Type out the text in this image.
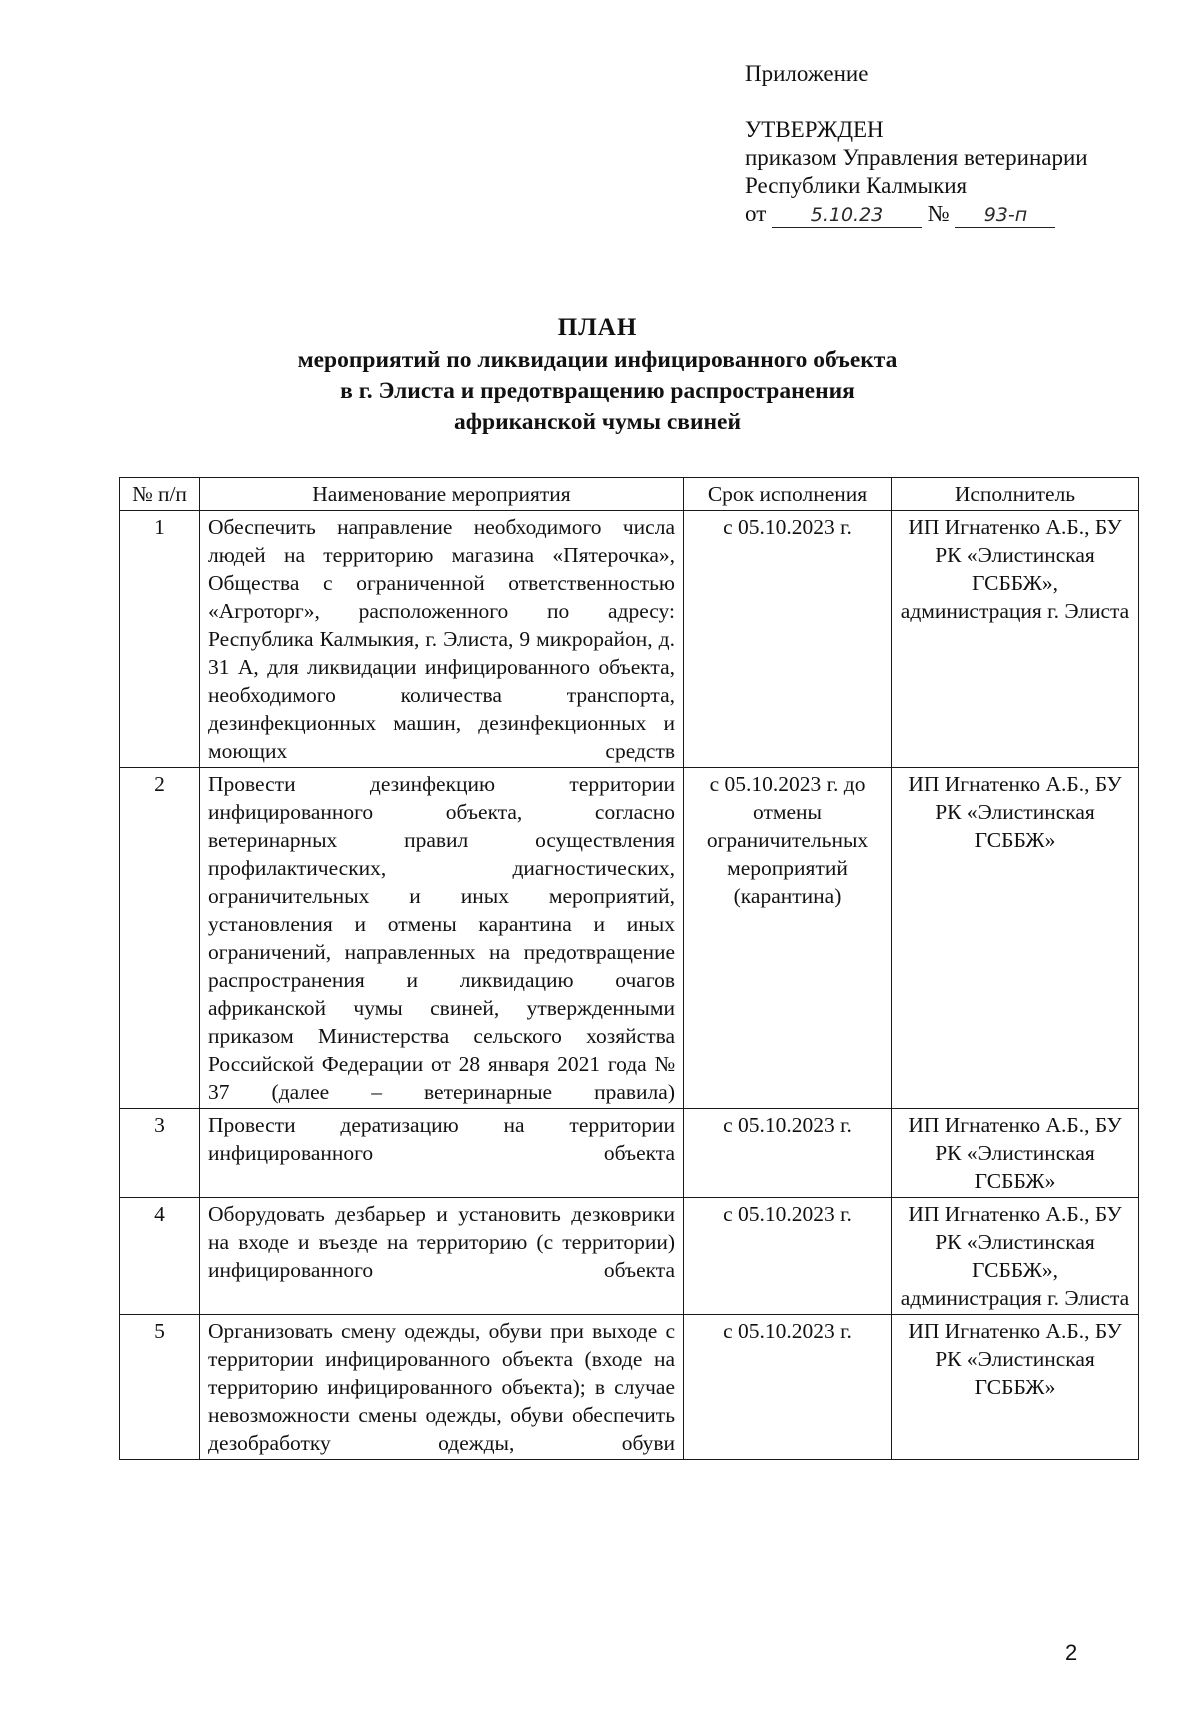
Приложение
УТВЕРЖДЕН
приказом Управления ветеринарии
Республики Калмыкия
от 5.10.23 № 93-п
ПЛАН
мероприятий по ликвидации инфицированного объекта
в г. Элиста и предотвращению распространения
африканской чумы свиней
№ п/п	Наименование мероприятия	Срок исполнения	Исполнитель
1	Обеспечить направление необходимого числа людей на территорию магазина «Пятерочка», Общества с ограниченной ответственностью «Агроторг», расположенного по адресу: Республика Калмыкия, г. Элиста, 9 микрорайон, д. 31 А, для ликвидации инфицированного объекта, необходимого количества транспорта, дезинфекционных машин, дезинфекционных и моющих средств	с 05.10.2023 г.	ИП Игнатенко А.Б., БУ РК «Элистинская ГСББЖ», администрация г. Элиста
2	Провести дезинфекцию территории инфицированного объекта, согласно ветеринарных правил осуществления профилактических, диагностических, ограничительных и иных мероприятий, установления и отмены карантина и иных ограничений, направленных на предотвращение распространения и ликвидацию очагов африканской чумы свиней, утвержденными приказом Министерства сельского хозяйства Российской Федерации от 28 января 2021 года № 37 (далее – ветеринарные правила)	с 05.10.2023 г. до отмены ограничительных мероприятий (карантина)	ИП Игнатенко А.Б., БУ РК «Элистинская ГСББЖ»
3	Провести дератизацию на территории инфицированного объекта	с 05.10.2023 г.	ИП Игнатенко А.Б., БУ РК «Элистинская ГСББЖ»
4	Оборудовать дезбарьер и установить дезковрики на входе и въезде на территорию (с территории) инфицированного объекта	с 05.10.2023 г.	ИП Игнатенко А.Б., БУ РК «Элистинская ГСББЖ», администрация г. Элиста
5	Организовать смену одежды, обуви при выходе с территории инфицированного объекта (входе на территорию инфицированного объекта); в случае невозможности смены одежды, обуви обеспечить дезобработку одежды, обуви	с 05.10.2023 г.	ИП Игнатенко А.Б., БУ РК «Элистинская ГСББЖ»
2
